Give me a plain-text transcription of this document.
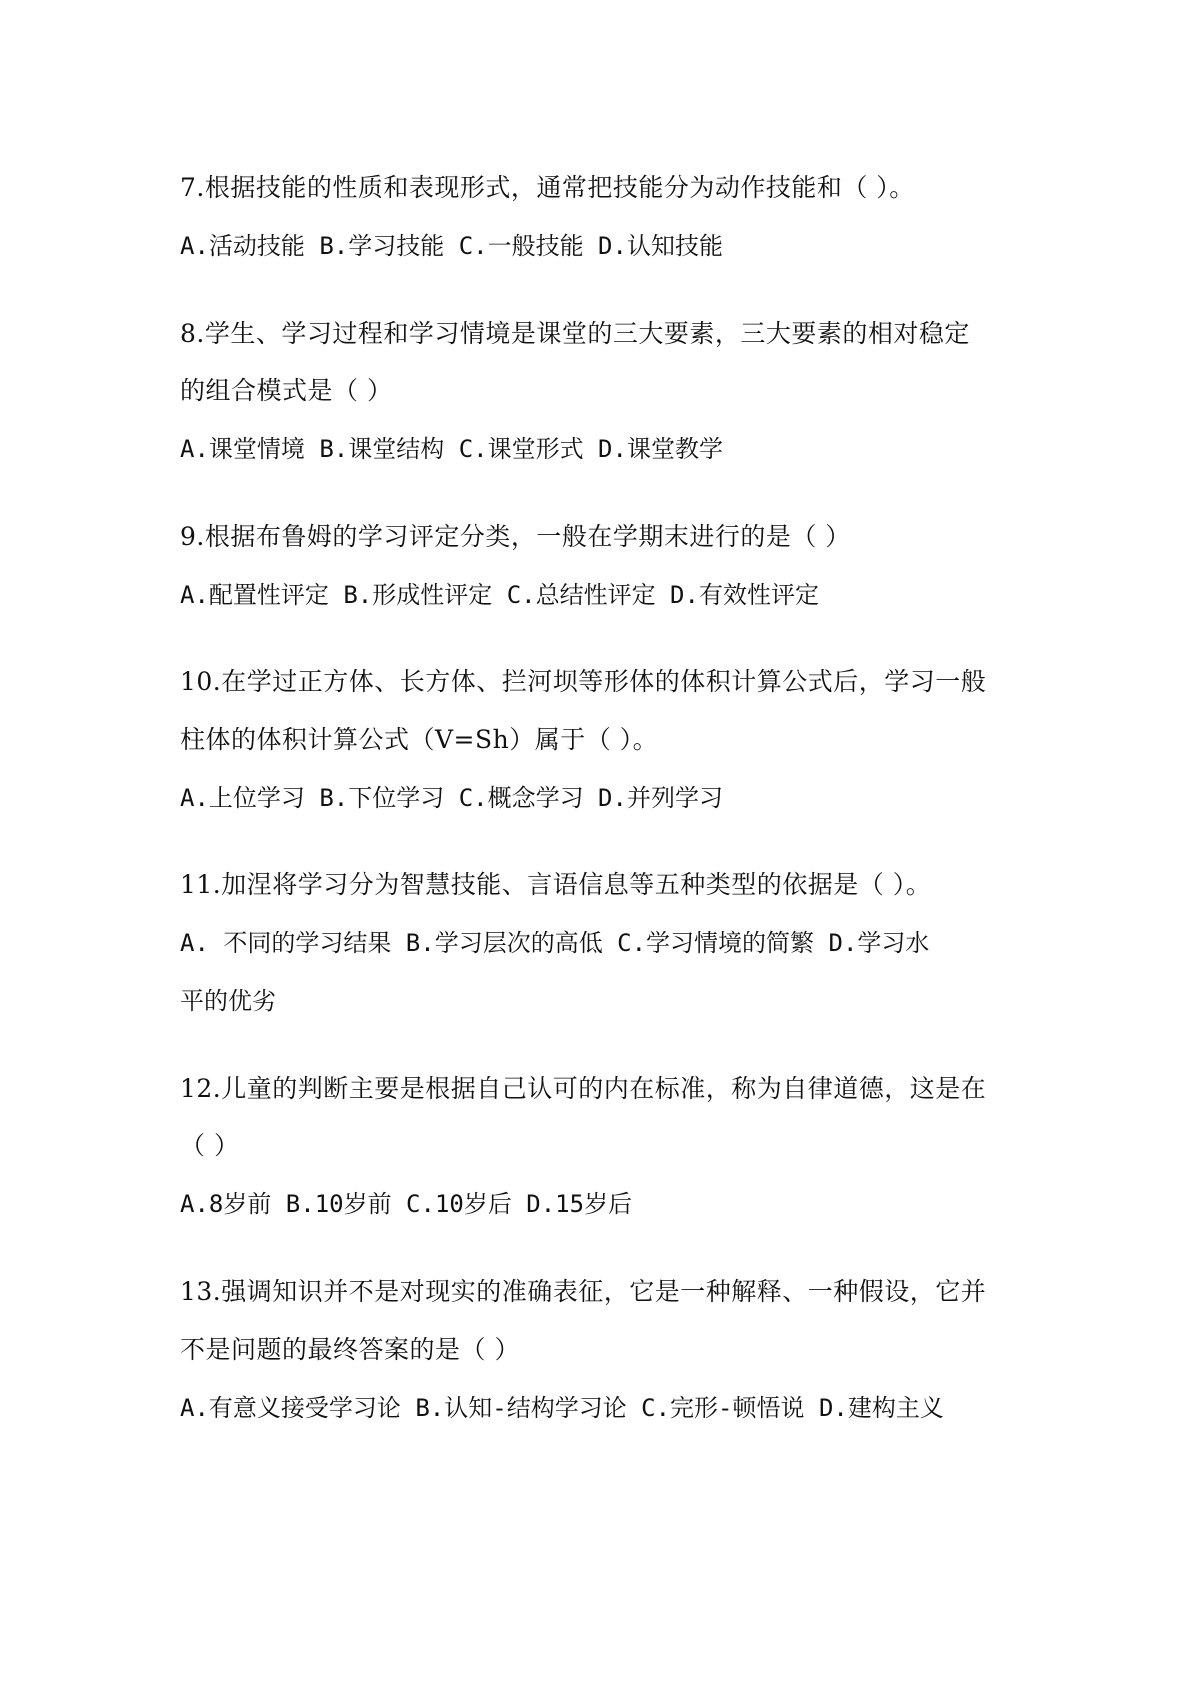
7.根据技能的性质和表现形式，通常把技能分为动作技能和（ ）。
A.活动技能 B.学习技能 C.一般技能 D.认知技能
8.学生、学习过程和学习情境是课堂的三大要素，三大要素的相对稳定
的组合模式是（ ）
A.课堂情境 B.课堂结构 C.课堂形式 D.课堂教学
9.根据布鲁姆的学习评定分类，一般在学期末进行的是（ ）
A.配置性评定 B.形成性评定 C.总结性评定 D.有效性评定
10.在学过正方体、长方体、拦河坝等形体的体积计算公式后，学习一般
柱体的体积计算公式（V=Sh）属于（ ）。
A.上位学习 B.下位学习 C.概念学习 D.并列学习
11.加涅将学习分为智慧技能、言语信息等五种类型的依据是（ ）。
A. 不同的学习结果 B.学习层次的高低 C.学习情境的简繁 D.学习水
平的优劣
12.儿童的判断主要是根据自己认可的内在标准，称为自律道德，这是在
（ ）
A.8岁前 B.10岁前 C.10岁后 D.15岁后
13.强调知识并不是对现实的准确表征，它是一种解释、一种假设，它并
不是问题的最终答案的是（ ）
A.有意义接受学习论 B.认知-结构学习论 C.完形-顿悟说 D.建构主义
